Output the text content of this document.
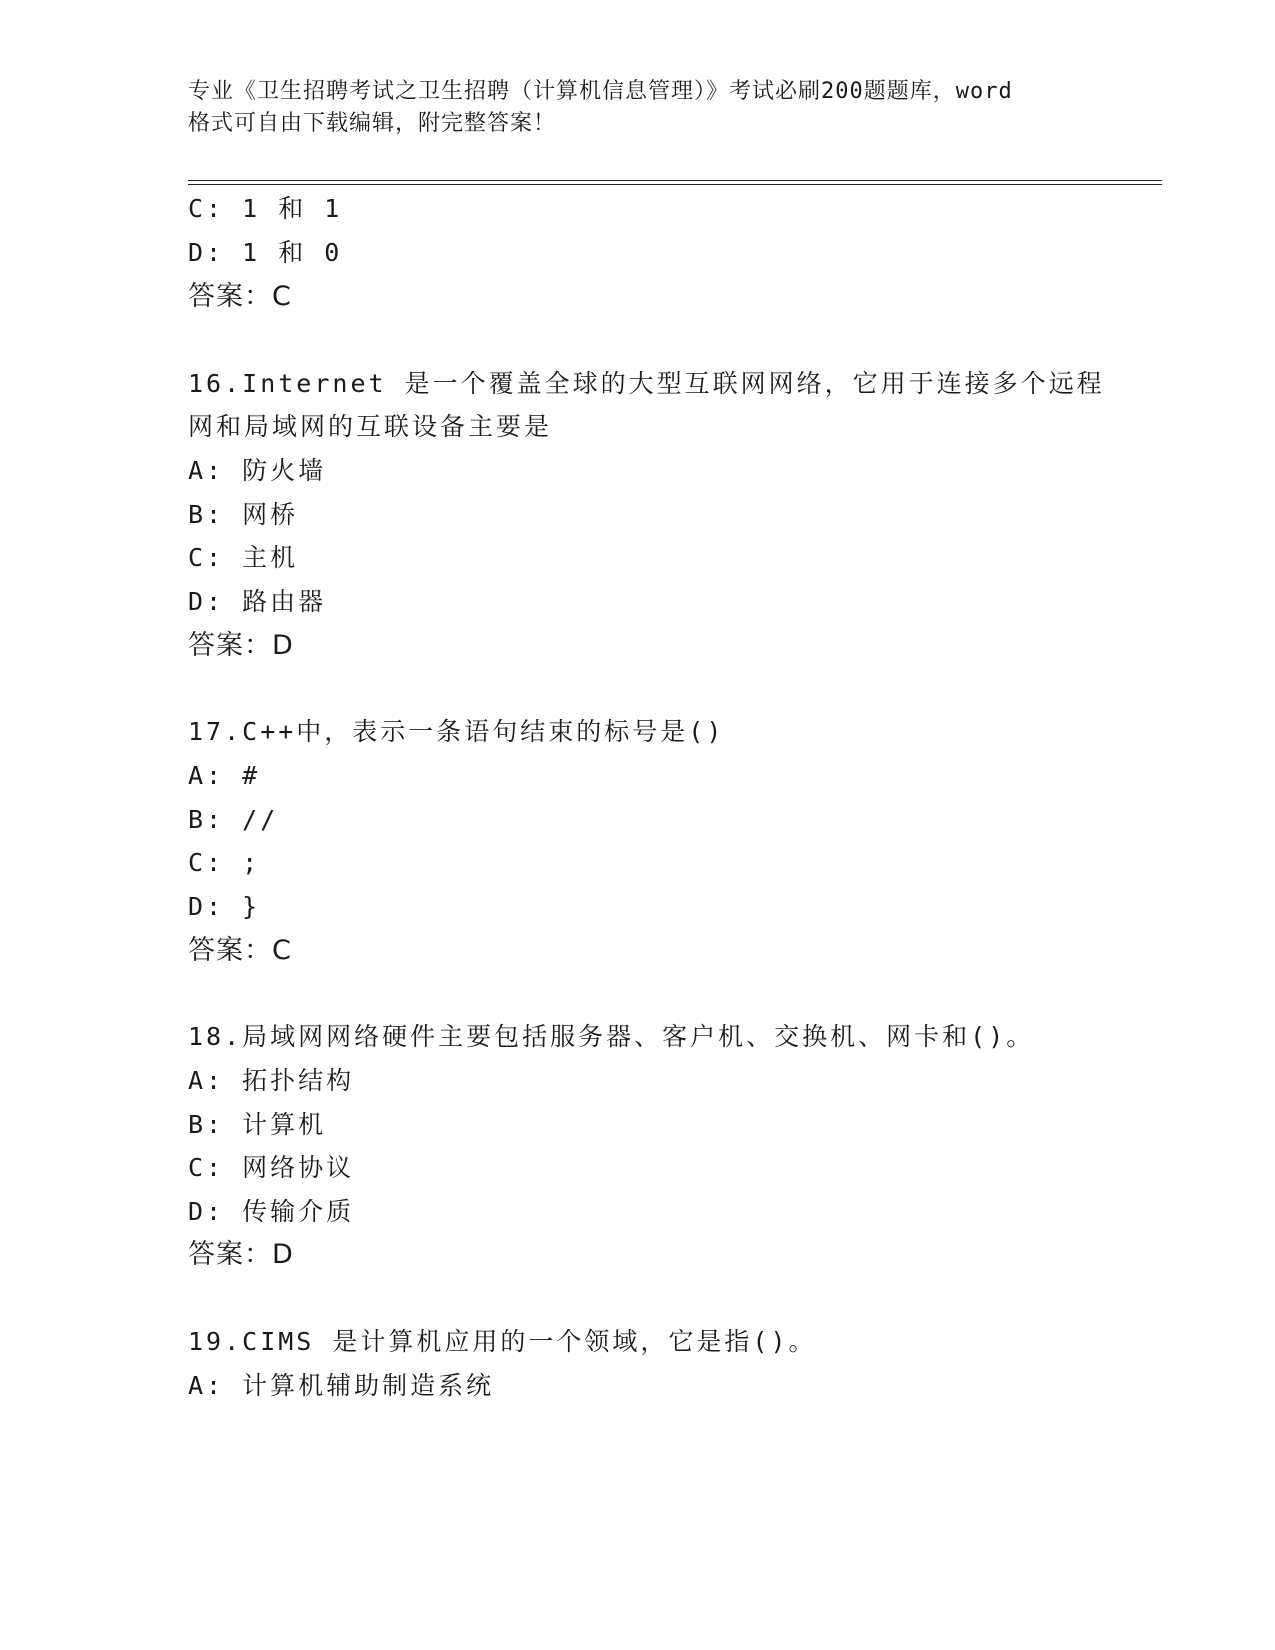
专业《卫生招聘考试之卫生招聘（计算机信息管理）》考试必刷200题题库，word
格式可自由下载编辑，附完整答案！
C: 1 和 1
D: 1 和 0
答案：C
16.Internet 是一个覆盖全球的大型互联网网络，它用于连接多个远程
网和局域网的互联设备主要是
A: 防火墙
B: 网桥
C: 主机
D: 路由器
答案：D
17.C++中，表示一条语句结束的标号是()
A: #
B: //
C: ;
D: }
答案：C
18.局域网网络硬件主要包括服务器、客户机、交换机、网卡和()。
A: 拓扑结构
B: 计算机
C: 网络协议
D: 传输介质
答案：D
19.CIMS 是计算机应用的一个领域，它是指()。
A: 计算机辅助制造系统
